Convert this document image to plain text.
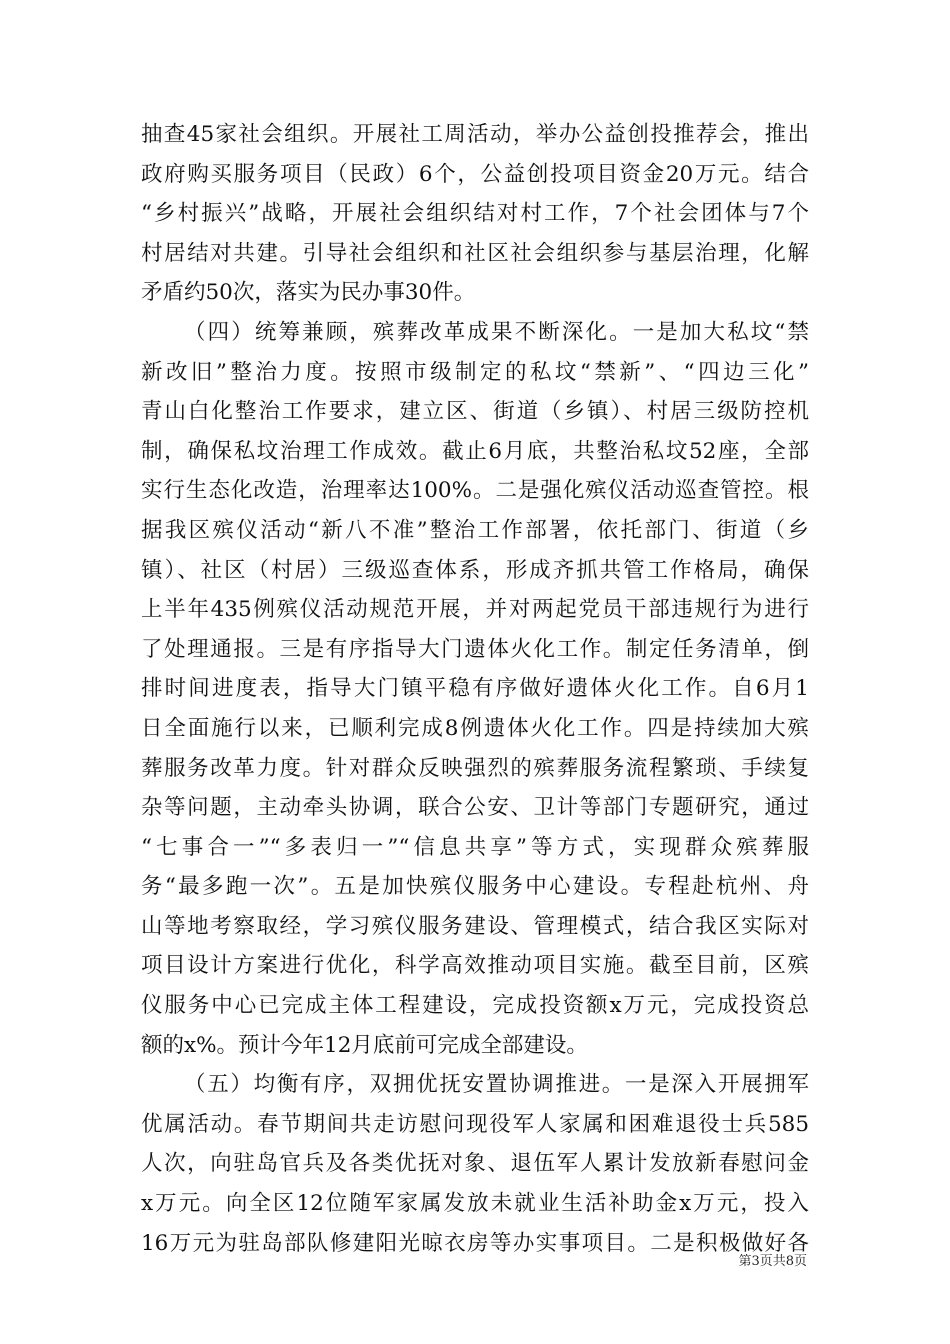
抽查45家社会组织。开展社工周活动，举办公益创投推荐会，推出
政府购买服务项目（民政）6个，公益创投项目资金20万元。结合
“乡村振兴”战略，开展社会组织结对村工作，7个社会团体与7个
村居结对共建。引导社会组织和社区社会组织参与基层治理，化解
矛盾约50次，落实为民办事30件。
（四）统筹兼顾，殡葬改革成果不断深化。一是加大私坟“禁
新改旧”整治力度。按照市级制定的私坟“禁新”、“四边三化”
青山白化整治工作要求，建立区、街道（乡镇）、村居三级防控机
制，确保私坟治理工作成效。截止6月底，共整治私坟52座，全部
实行生态化改造，治理率达100%。二是强化殡仪活动巡查管控。根
据我区殡仪活动“新八不准”整治工作部署，依托部门、街道（乡
镇）、社区（村居）三级巡查体系，形成齐抓共管工作格局，确保
上半年435例殡仪活动规范开展，并对两起党员干部违规行为进行
了处理通报。三是有序指导大门遗体火化工作。制定任务清单，倒
排时间进度表，指导大门镇平稳有序做好遗体火化工作。自6月1
日全面施行以来，已顺利完成8例遗体火化工作。四是持续加大殡
葬服务改革力度。针对群众反映强烈的殡葬服务流程繁琐、手续复
杂等问题，主动牵头协调，联合公安、卫计等部门专题研究，通过
“七事合一”“多表归一”“信息共享”等方式，实现群众殡葬服
务“最多跑一次”。五是加快殡仪服务中心建设。专程赴杭州、舟
山等地考察取经，学习殡仪服务建设、管理模式，结合我区实际对
项目设计方案进行优化，科学高效推动项目实施。截至目前，区殡
仪服务中心已完成主体工程建设，完成投资额x万元，完成投资总
额的x%。预计今年12月底前可完成全部建设。
（五）均衡有序，双拥优抚安置协调推进。一是深入开展拥军
优属活动。春节期间共走访慰问现役军人家属和困难退役士兵585
人次，向驻岛官兵及各类优抚对象、退伍军人累计发放新春慰问金
x万元。向全区12位随军家属发放未就业生活补助金x万元，投入
16万元为驻岛部队修建阳光晾衣房等办实事项目。二是积极做好各
第3页共8页
